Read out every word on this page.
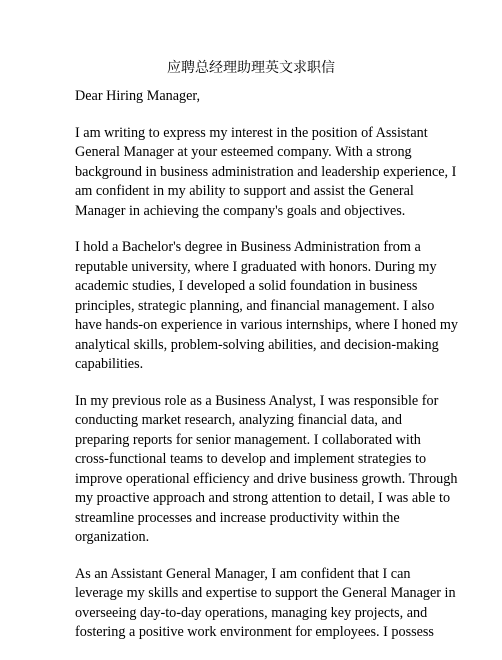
应聘总经理助理英文求职信

Dear Hiring Manager,

I am writing to express my interest in the position of Assistant
General Manager at your esteemed company. With a strong
background in business administration and leadership experience, I
am confident in my ability to support and assist the General
Manager in achieving the company's goals and objectives.

I hold a Bachelor's degree in Business Administration from a
reputable university, where I graduated with honors. During my
academic studies, I developed a solid foundation in business
principles, strategic planning, and financial management. I also
have hands-on experience in various internships, where I honed my
analytical skills, problem-solving abilities, and decision-making
capabilities.

In my previous role as a Business Analyst, I was responsible for
conducting market research, analyzing financial data, and
preparing reports for senior management. I collaborated with
cross-functional teams to develop and implement strategies to
improve operational efficiency and drive business growth. Through
my proactive approach and strong attention to detail, I was able to
streamline processes and increase productivity within the
organization.

As an Assistant General Manager, I am confident that I can
leverage my skills and expertise to support the General Manager in
overseeing day-to-day operations, managing key projects, and
fostering a positive work environment for employees. I possess
